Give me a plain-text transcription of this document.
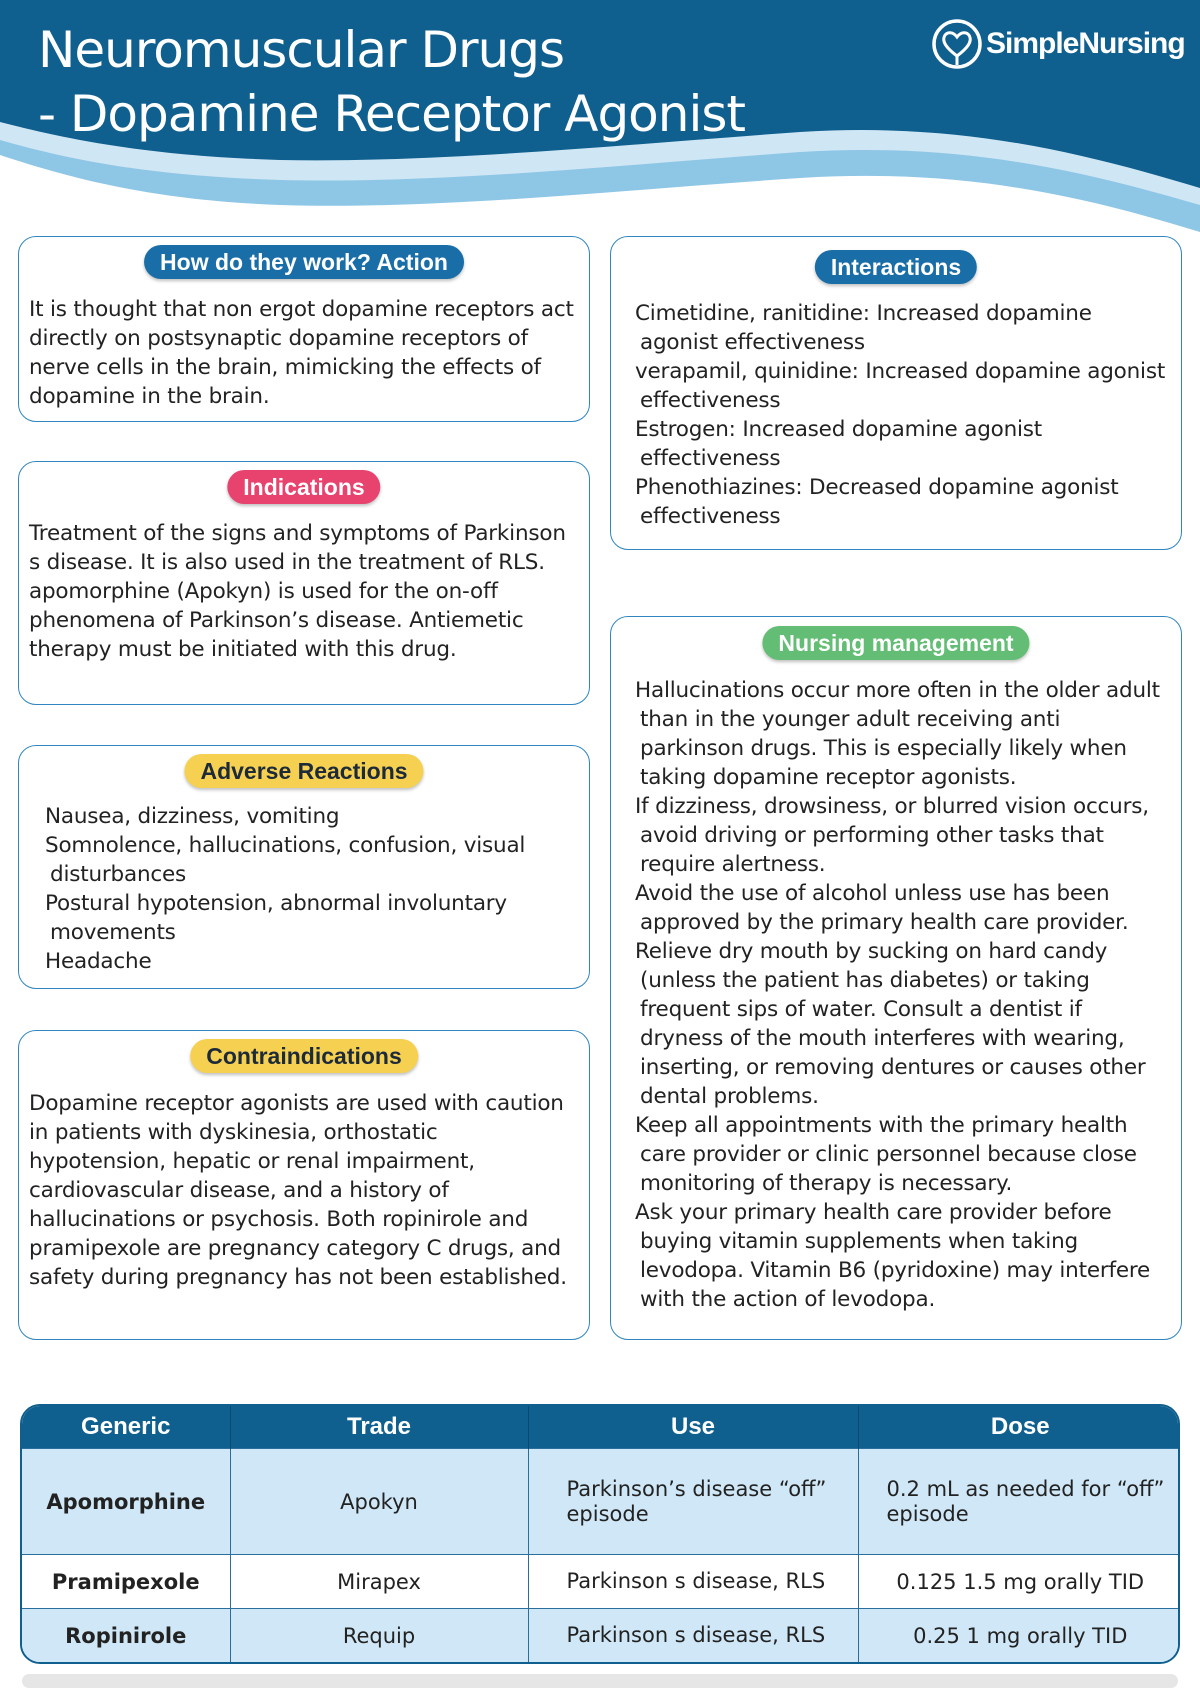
Neuromuscular Drugs
- Dopamine Receptor Agonist
SimpleNursing
How do they work? Action

It is thought that non ergot dopamine receptors act directly on postsynaptic dopamine receptors of nerve cells in the brain, mimicking the effects of dopamine in the brain.

Indications

Treatment of the signs and symptoms of Parkinson s disease. It is also used in the treatment of RLS. apomorphine (Apokyn) is used for the on-off phenomena of Parkinson’s disease. Antiemetic therapy must be initiated with this drug.

Adverse Reactions
Nausea, dizziness, vomiting
Somnolence, hallucinations, confusion, visual disturbances
Postural hypotension, abnormal involuntary movements
Headache
Contraindications

Dopamine receptor agonists are used with caution in patients with dyskinesia, orthostatic hypotension, hepatic or renal impairment, cardiovascular disease, and a history of hallucinations or psychosis. Both ropinirole and pramipexole are pregnancy category C drugs, and safety during pregnancy has not been established.

Interactions
Cimetidine, ranitidine: Increased dopamine agonist effectiveness
verapamil, quinidine: Increased dopamine agonist effectiveness
Estrogen: Increased dopamine agonist effectiveness
Phenothiazines: Decreased dopamine agonist effectiveness
Nursing management
Hallucinations occur more often in the older adult than in the younger adult receiving anti parkinson drugs. This is especially likely when taking dopamine receptor agonists.
If dizziness, drowsiness, or blurred vision occurs, avoid driving or performing other tasks that require alertness.
Avoid the use of alcohol unless use has been approved by the primary health care provider.
Relieve dry mouth by sucking on hard candy (unless the patient has diabetes) or taking frequent sips of water. Consult a dentist if dryness of the mouth interferes with wearing, inserting, or removing dentures or causes other dental problems.
Keep all appointments with the primary health care provider or clinic personnel because close monitoring of therapy is necessary.
Ask your primary health care provider before buying vitamin supplements when taking levodopa. Vitamin B6 (pyridoxine) may interfere with the action of levodopa.
Generic	Trade	Use	Dose
Apomorphine	Apokyn	Parkinson’s disease “off” episode	0.2 mL as needed for “off” episode
Pramipexole	Mirapex	Parkinson s disease, RLS	0.125 1.5 mg orally TID
Ropinirole	Requip	Parkinson s disease, RLS	0.25 1 mg orally TID
